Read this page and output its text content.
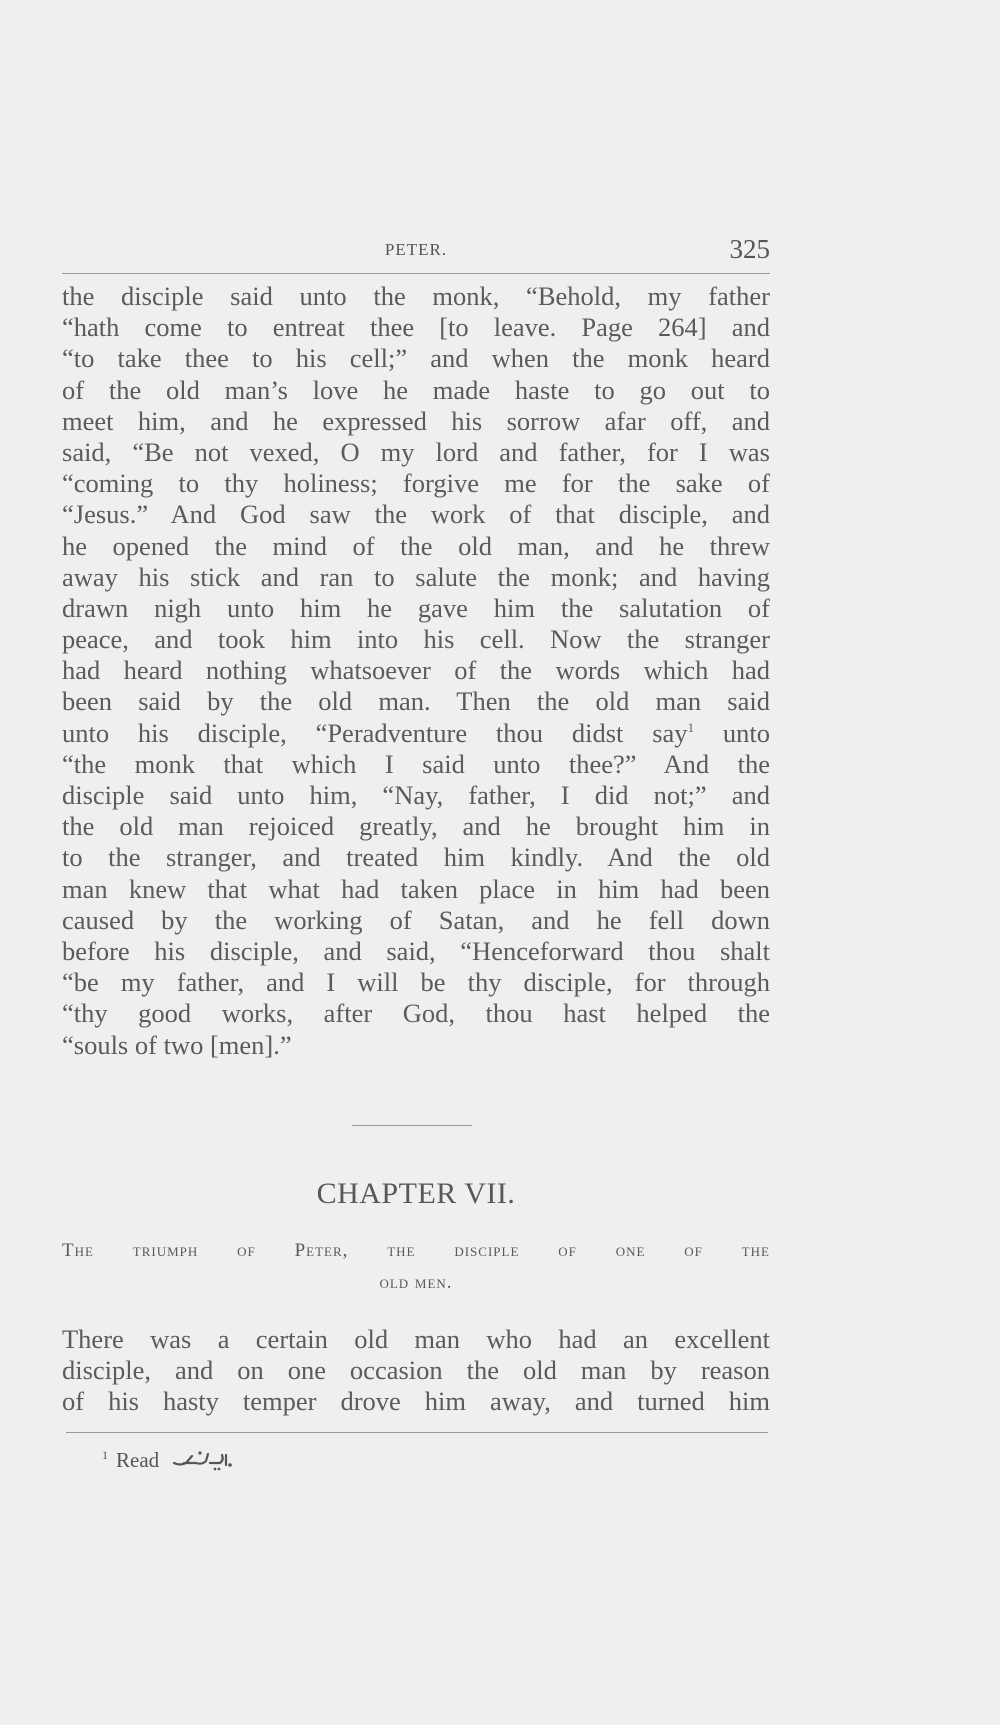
PETER.	325
the disciple said unto the monk, “Behold, my father
“hath come to entreat thee [to leave. Page 264] and
“to take thee to his cell;” and when the monk heard
of the old man’s love he made haste to go out to
meet him, and he expressed his sorrow afar off, and
said, “Be not vexed, O my lord and father, for I was
“coming to thy holiness; forgive me for the sake of
“Jesus.” And God saw the work of that disciple, and
he opened the mind of the old man, and he threw
away his stick and ran to salute the monk; and having
drawn nigh unto him he gave him the salutation of
peace, and took him into his cell. Now the stranger
had heard nothing whatsoever of the words which had
been said by the old man. Then the old man said
unto his disciple, “Peradventure thou didst say$^1$ unto
“the monk that which I said unto thee?” And the
disciple said unto him, “Nay, father, I did not;” and
the old man rejoiced greatly, and he brought him in
to the stranger, and treated him kindly. And the old
man knew that what had taken place in him had been
caused by the working of Satan, and he fell down
before his disciple, and said, “Henceforward thou shalt
“be my father, and I will be thy disciple, for through
“thy good works, after God, thou hast helped the
“souls of two [men].”
CHAPTER VII.
The triumph of Peter, the disciple of one of the
old men.
There was a certain old man who had an excellent
disciple, and on one occasion the old man by reason
of his hasty temper drove him away, and turned him
$^1$ Read
